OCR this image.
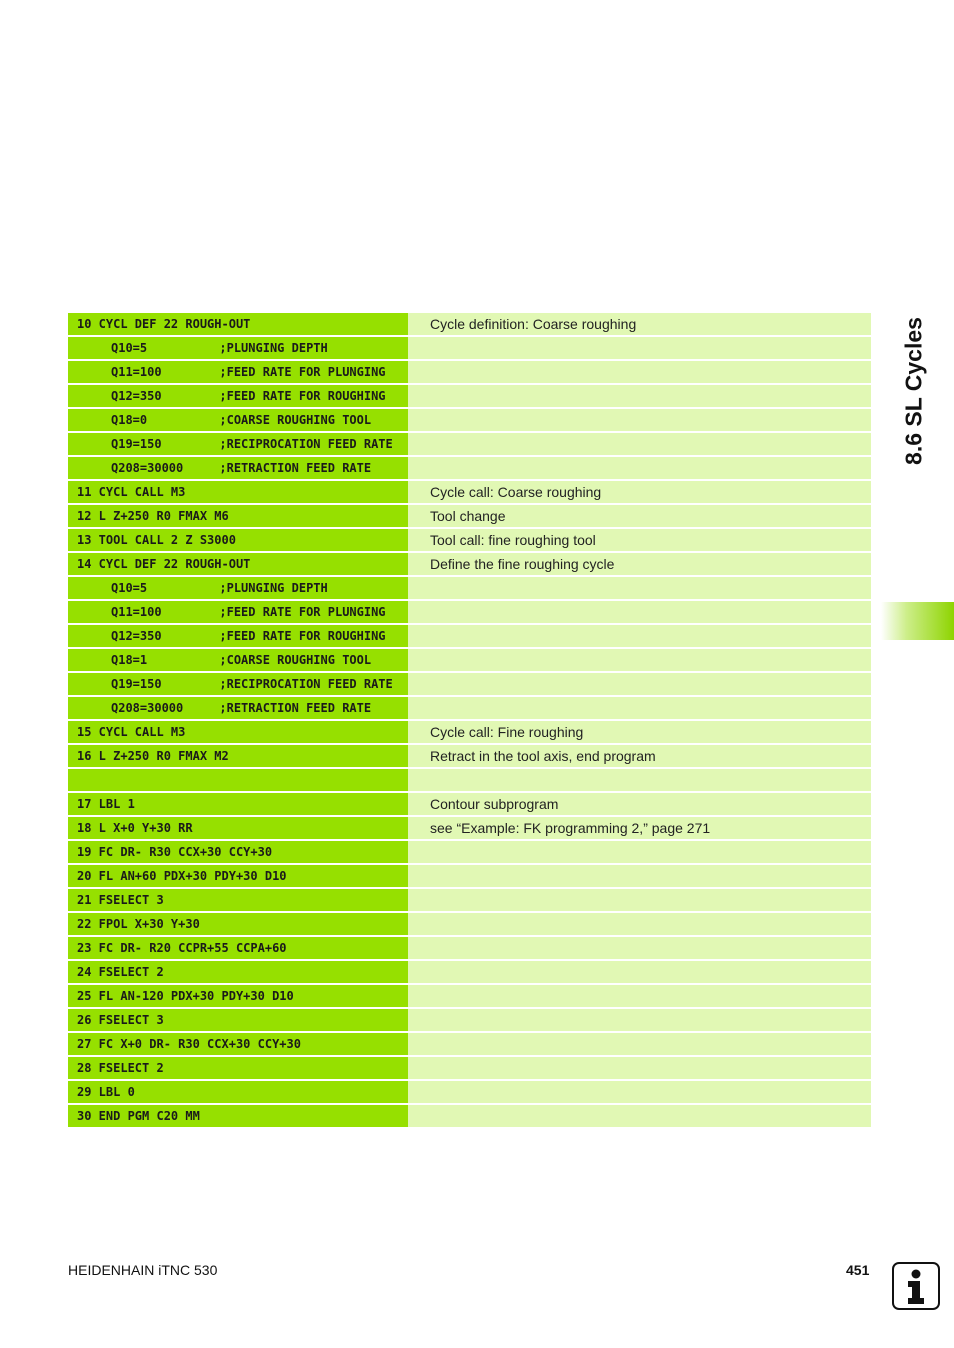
8.6 SL Cycles
10 CYCL DEF 22 ROUGH-OUT	Cycle definition: Coarse roughing
Q10=5          ;PLUNGING DEPTH
Q11=100        ;FEED RATE FOR PLUNGING
Q12=350        ;FEED RATE FOR ROUGHING
Q18=0          ;COARSE ROUGHING TOOL
Q19=150        ;RECIPROCATION FEED RATE
Q208=30000     ;RETRACTION FEED RATE
11 CYCL CALL M3	Cycle call: Coarse roughing
12 L Z+250 R0 FMAX M6	Tool change
13 TOOL CALL 2 Z S3000	Tool call: fine roughing tool
14 CYCL DEF 22 ROUGH-OUT	Define the fine roughing cycle
Q10=5          ;PLUNGING DEPTH
Q11=100        ;FEED RATE FOR PLUNGING
Q12=350        ;FEED RATE FOR ROUGHING
Q18=1          ;COARSE ROUGHING TOOL
Q19=150        ;RECIPROCATION FEED RATE
Q208=30000     ;RETRACTION FEED RATE
15 CYCL CALL M3	Cycle call: Fine roughing
16 L Z+250 R0 FMAX M2	Retract in the tool axis, end program
17 LBL 1	Contour subprogram
18 L X+0 Y+30 RR	see “Example: FK programming 2,” page 271
19 FC DR- R30 CCX+30 CCY+30
20 FL AN+60 PDX+30 PDY+30 D10
21 FSELECT 3
22 FPOL X+30 Y+30
23 FC DR- R20 CCPR+55 CCPA+60
24 FSELECT 2
25 FL AN-120 PDX+30 PDY+30 D10
26 FSELECT 3
27 FC X+0 DR- R30 CCX+30 CCY+30
28 FSELECT 2
29 LBL 0
30 END PGM C20 MM
HEIDENHAIN iTNC 530	451
